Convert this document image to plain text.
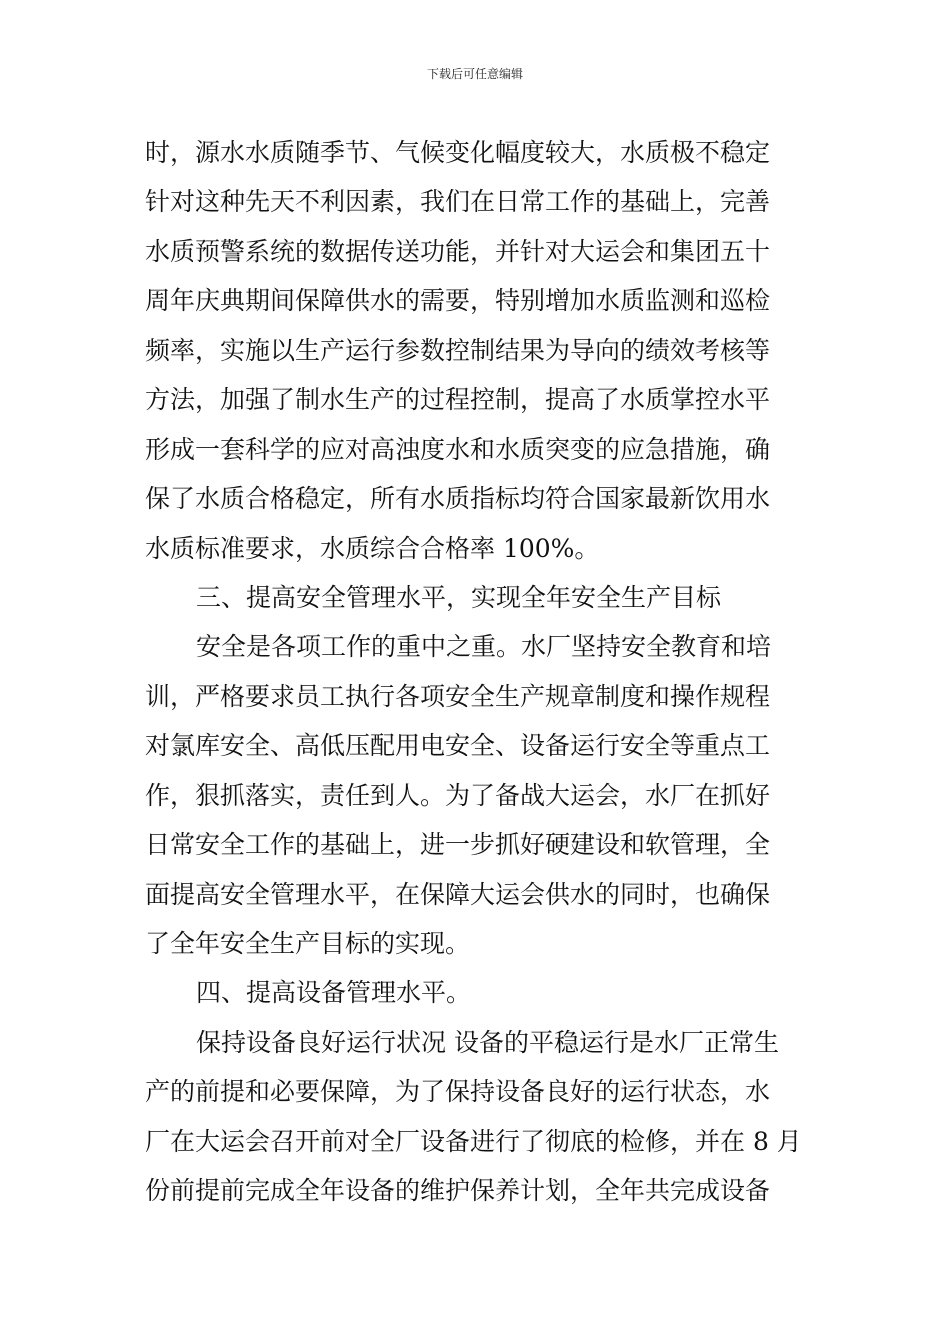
下载后可任意编辑
时，源水水质随季节、气候变化幅度较大，水质极不稳定
针对这种先天不利因素，我们在日常工作的基础上，完善
水质预警系统的数据传送功能，并针对大运会和集团五十
周年庆典期间保障供水的需要，特别增加水质监测和巡检
频率，实施以生产运行参数控制结果为导向的绩效考核等
方法，加强了制水生产的过程控制，提高了水质掌控水平
形成一套科学的应对高浊度水和水质突变的应急措施，确
保了水质合格稳定，所有水质指标均符合国家最新饮用水
水质标准要求，水质综合合格率 100%。
三、提高安全管理水平，实现全年安全生产目标
安全是各项工作的重中之重。水厂坚持安全教育和培
训，严格要求员工执行各项安全生产规章制度和操作规程
对氯库安全、高低压配用电安全、设备运行安全等重点工
作，狠抓落实，责任到人。为了备战大运会，水厂在抓好
日常安全工作的基础上，进一步抓好硬建设和软管理，全
面提高安全管理水平，在保障大运会供水的同时，也确保
了全年安全生产目标的实现。
四、提高设备管理水平。
保持设备良好运行状况 设备的平稳运行是水厂正常生
产的前提和必要保障，为了保持设备良好的运行状态，水
厂在大运会召开前对全厂设备进行了彻底的检修，并在 8 月
份前提前完成全年设备的维护保养计划，全年共完成设备
